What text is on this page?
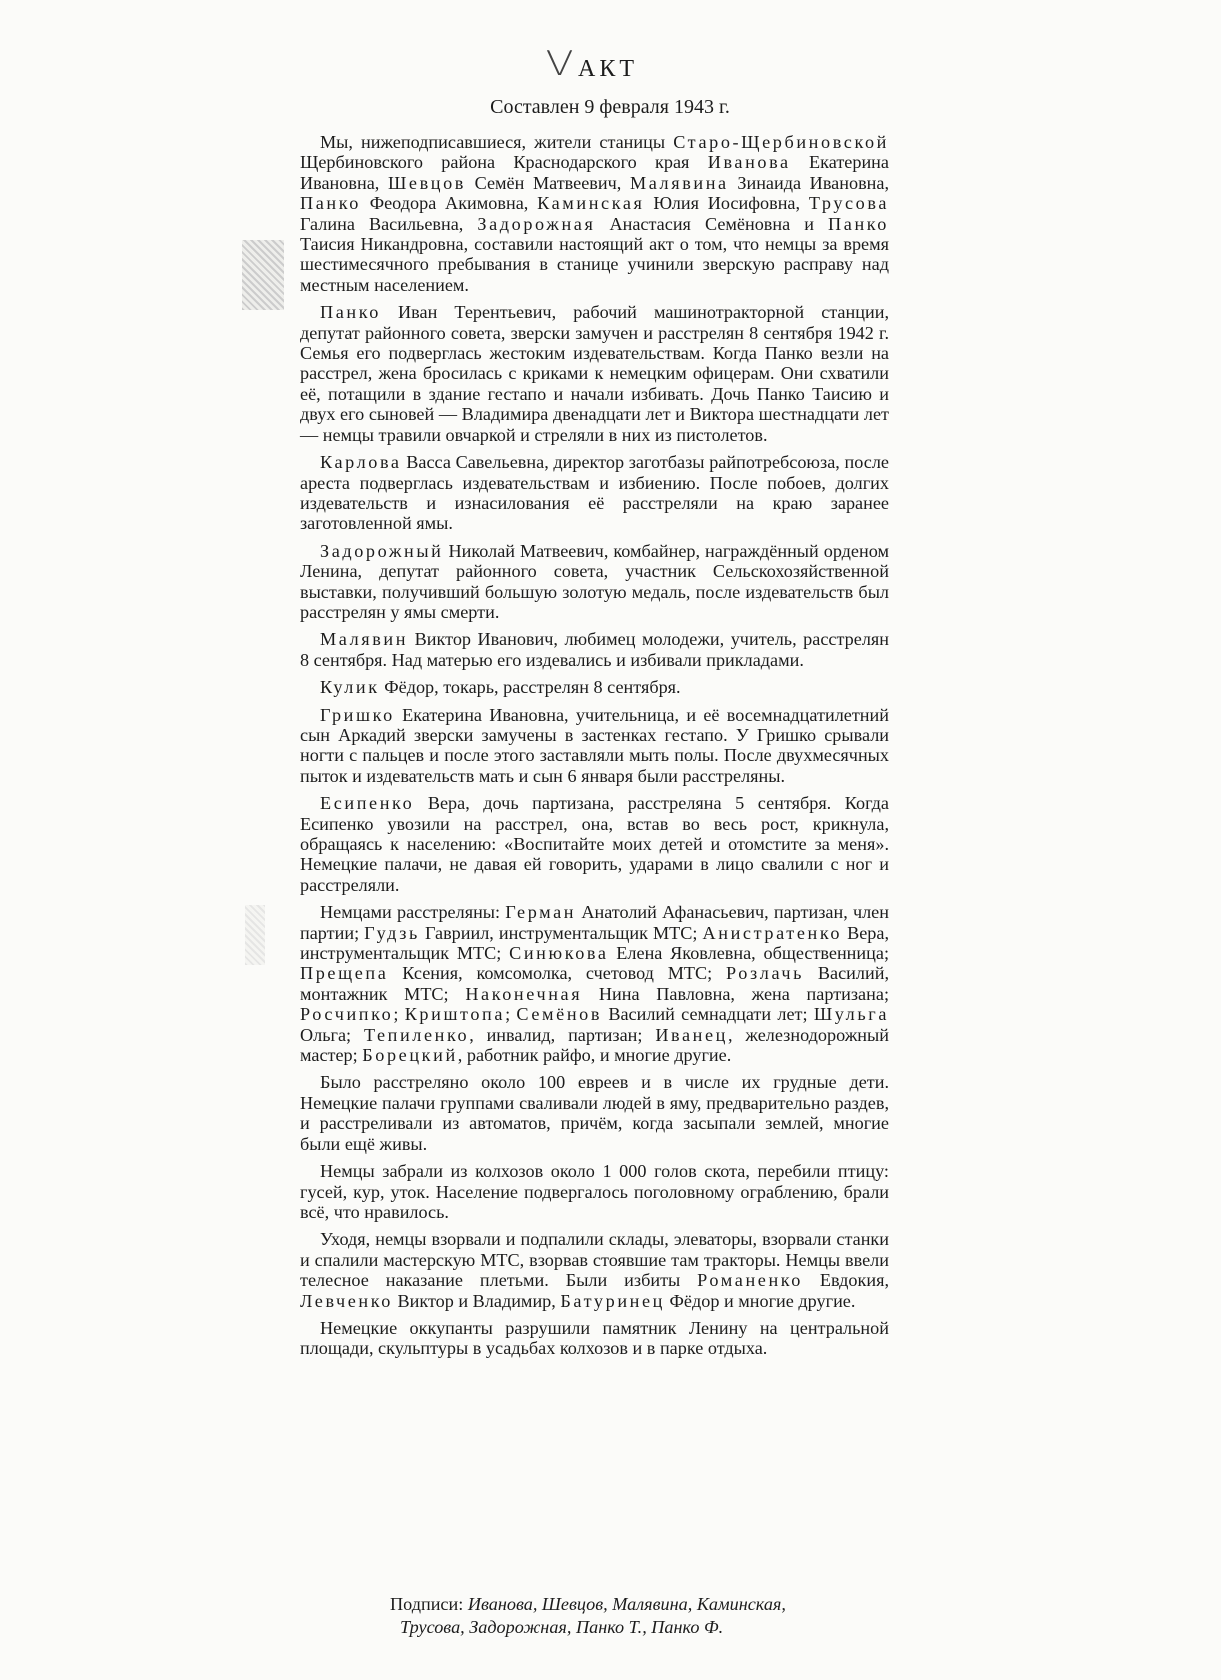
V АКТ
Составлен 9 февраля 1943 г.

Мы, нижеподписавшиеся, жители станицы Старо-Щербиновской Щербиновского района Краснодарского края Иванова Екатерина Ивановна, Шевцов Семён Матвеевич, Малявина Зинаида Ивановна, Панко Феодора Акимовна, Каминская Юлия Иосифовна, Трусова Галина Васильевна, Задорожная Анастасия Семёновна и Панко Таисия Никандровна, составили настоящий акт о том, что немцы за время шестимесячного пребывания в станице учинили зверскую расправу над местным населением.

Панко Иван Терентьевич, рабочий машинотракторной станции, депутат районного совета, зверски замучен и расстрелян 8 сентября 1942 г. Семья его подверглась жестоким издевательствам. Когда Панко везли на расстрел, жена бросилась с криками к немецким офицерам. Они схватили её, потащили в здание гестапо и начали избивать. Дочь Панко Таисию и двух его сыновей — Владимира двенадцати лет и Виктора шестнадцати лет — немцы травили овчаркой и стреляли в них из пистолетов.

Карлова Васса Савельевна, директор заготбазы райпотребсоюза, после ареста подверглась издевательствам и избиению. После побоев, долгих издевательств и изнасилования её расстреляли на краю заранее заготовленной ямы.

Задорожный Николай Матвеевич, комбайнер, награждённый орденом Ленина, депутат районного совета, участник Сельскохозяйственной выставки, получивший большую золотую медаль, после издевательств был расстрелян у ямы смерти.

Малявин Виктор Иванович, любимец молодежи, учитель, расстрелян 8 сентября. Над матерью его издевались и избивали прикладами.

Кулик Фёдор, токарь, расстрелян 8 сентября.

Гришко Екатерина Ивановна, учительница, и её восемнадцатилетний сын Аркадий зверски замучены в застенках гестапо. У Гришко срывали ногти с пальцев и после этого заставляли мыть полы. После двухмесячных пыток и издевательств мать и сын 6 января были расстреляны.

Есипенко Вера, дочь партизана, расстреляна 5 сентября. Когда Есипенко увозили на расстрел, она, встав во весь рост, крикнула, обращаясь к населению: «Воспитайте моих детей и отомстите за меня». Немецкие палачи, не давая ей говорить, ударами в лицо свалили с ног и расстреляли.

Немцами расстреляны: Герман Анатолий Афанасьевич, партизан, член партии; Гудзь Гавриил, инструментальщик МТС; Анистратенко Вера, инструментальщик МТС; Синюкова Елена Яковлевна, общественница; Прещепа Ксения, комсомолка, счетовод МТС; Розлачь Василий, монтажник МТС; Наконечная Нина Павловна, жена партизана; Росчипко; Криштопа; Семёнов Василий семнадцати лет; Шульга Ольга; Тепиленко, инвалид, партизан; Иванец, железнодорожный мастер; Борецкий, работник райфо, и многие другие.

Было расстреляно около 100 евреев и в числе их грудные дети. Немецкие палачи группами сваливали людей в яму, предварительно раздев, и расстреливали из автоматов, причём, когда засыпали землей, многие были ещё живы.

Немцы забрали из колхозов около 1 000 голов скота, перебили птицу: гусей, кур, уток. Население подвергалось поголовному ограблению, брали всё, что нравилось.

Уходя, немцы взорвали и подпалили склады, элеваторы, взорвали станки и спалили мастерскую МТС, взорвав стоявшие там тракторы. Немцы ввели телесное наказание плетьми. Были избиты Романенко Евдокия, Левченко Виктор и Владимир, Батуринец Фёдор и многие другие.

Немецкие оккупанты разрушили памятник Ленину на центральной площади, скульптуры в усадьбах колхозов и в парке отдыха.

Подписи: Иванова, Шевцов, Малявина, Каминская,
Трусова, Задорожная, Панко Т., Панко Ф.
